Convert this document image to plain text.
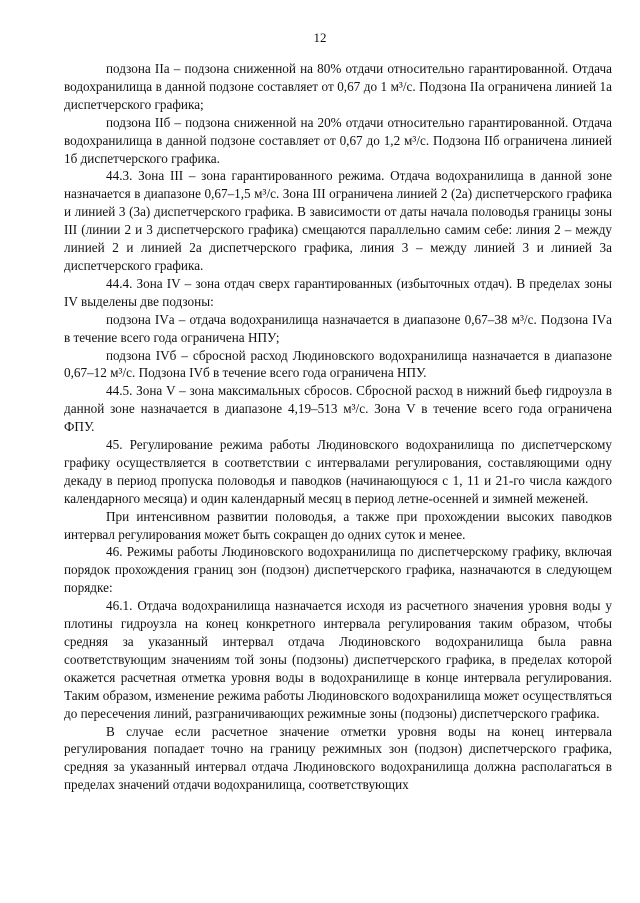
12

подзона IIа – подзона сниженной на 80% отдачи относительно гарантированной. Отдача водохранилища в данной подзоне составляет от 0,67 до 1 м³/с. Подзона IIа ограничена линией 1а диспетчерского графика;

подзона IIб – подзона сниженной на 20% отдачи относительно гарантированной. Отдача водохранилища в данной подзоне составляет от 0,67 до 1,2 м³/с. Подзона IIб ограничена линией 1б диспетчерского графика.

44.3. Зона III – зона гарантированного режима. Отдача водохранилища в данной зоне назначается в диапазоне 0,67–1,5 м³/с. Зона III ограничена линией 2 (2а) диспетчерского графика и линией 3 (3а) диспетчерского графика. В зависимости от даты начала половодья границы зоны III (линии 2 и 3 диспетчерского графика) смещаются параллельно самим себе: линия 2 – между линией 2 и линией 2а диспетчерского графика, линия 3 – между линией 3 и линией 3а диспетчерского графика.

44.4. Зона IV – зона отдач сверх гарантированных (избыточных отдач). В пределах зоны IV выделены две подзоны:

подзона IVа – отдача водохранилища назначается в диапазоне 0,67–38 м³/с. Подзона IVа в течение всего года ограничена НПУ;

подзона IVб – сбросной расход Людиновского водохранилища назначается в диапазоне 0,67–12 м³/с. Подзона IVб в течение всего года ограничена НПУ.

44.5. Зона V – зона максимальных сбросов. Сбросной расход в нижний бьеф гидроузла в данной зоне назначается в диапазоне 4,19–513 м³/с. Зона V в течение всего года ограничена ФПУ.

45. Регулирование режима работы Людиновского водохранилища по диспетчерскому графику осуществляется в соответствии с интервалами регулирования, составляющими одну декаду в период пропуска половодья и паводков (начинающуюся с 1, 11 и 21-го числа каждого календарного месяца) и один календарный месяц в период летне-осенней и зимней меженей.

При интенсивном развитии половодья, а также при прохождении высоких паводков интервал регулирования может быть сокращен до одних суток и менее.

46. Режимы работы Людиновского водохранилища по диспетчерскому графику, включая порядок прохождения границ зон (подзон) диспетчерского графика, назначаются в следующем порядке:

46.1. Отдача водохранилища назначается исходя из расчетного значения уровня воды у плотины гидроузла на конец конкретного интервала регулирования таким образом, чтобы средняя за указанный интервал отдача Людиновского водохранилища была равна соответствующим значениям той зоны (подзоны) диспетчерского графика, в пределах которой окажется расчетная отметка уровня воды в водохранилище в конце интервала регулирования. Таким образом, изменение режима работы Людиновского водохранилища может осуществляться до пересечения линий, разграничивающих режимные зоны (подзоны) диспетчерского графика.

В случае если расчетное значение отметки уровня воды на конец интервала регулирования попадает точно на границу режимных зон (подзон) диспетчерского графика, средняя за указанный интервал отдача Людиновского водохранилища должна располагаться в пределах значений отдачи водохранилища, соответствующих
